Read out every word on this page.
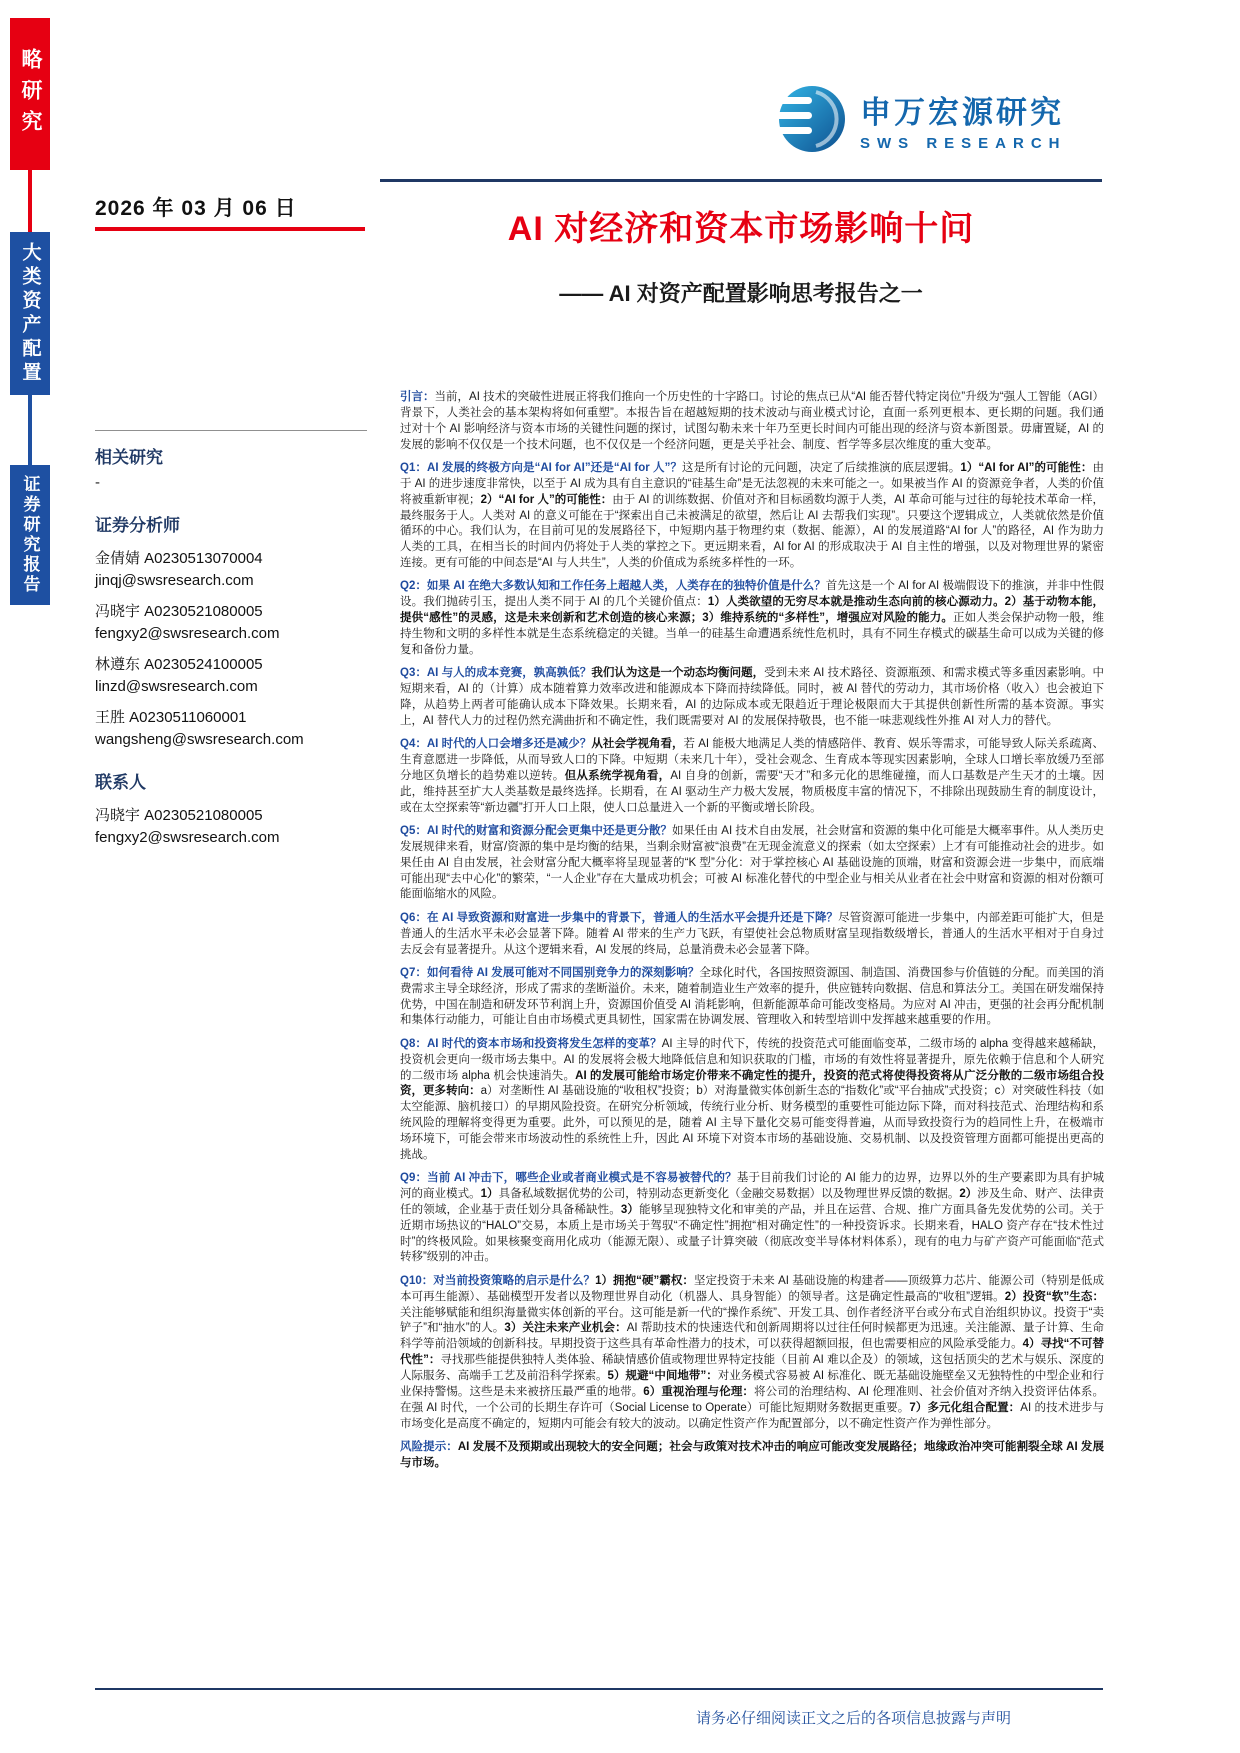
略研究
大类资产配置
证券研究报告
申万宏源研究
SWS RESEARCH
2026 年 03 月 06 日
AI 对经济和资本市场影响十问
—— AI 对资产配置影响思考报告之一
相关研究
-
证券分析师
金倩婧 A0230513070004
jinqj@swsresearch.com
冯晓宇 A0230521080005
fengxy2@swsresearch.com
林遵东 A0230524100005
linzd@swsresearch.com
王胜 A0230511060001
wangsheng@swsresearch.com
联系人
冯晓宇 A0230521080005
fengxy2@swsresearch.com

引言：当前，AI 技术的突破性进展正将我们推向一个历史性的十字路口。讨论的焦点已从“AI 能否替代特定岗位”升级为“强人工智能（AGI）背景下，人类社会的基本架构将如何重塑”。本报告旨在超越短期的技术波动与商业模式讨论，直面一系列更根本、更长期的问题。我们通过对十个 AI 影响经济与资本市场的关键性问题的探讨，试图勾勒未来十年乃至更长时间内可能出现的经济与资本新图景。毋庸置疑，AI 的发展的影响不仅仅是一个技术问题，也不仅仅是一个经济问题，更是关乎社会、制度、哲学等多层次维度的重大变革。

Q1：AI 发展的终极方向是“AI for AI”还是“AI for 人”？这是所有讨论的元问题，决定了后续推演的底层逻辑。1）“AI for AI”的可能性：由于 AI 的进步速度非常快，以至于 AI 成为具有自主意识的“硅基生命”是无法忽视的未来可能之一。如果被当作 AI 的资源竞争者，人类的价值将被重新审视；2）“AI for 人”的可能性：由于 AI 的训练数据、价值对齐和目标函数均源于人类，AI 革命可能与过往的每轮技术革命一样，最终服务于人。人类对 AI 的意义可能在于“探索出自己未被满足的欲望，然后让 AI 去帮我们实现”。只要这个逻辑成立，人类就依然是价值循环的中心。我们认为，在目前可见的发展路径下，中短期内基于物理约束（数据、能源），AI 的发展道路“AI for 人”的路径，AI 作为助力人类的工具，在相当长的时间内仍将处于人类的掌控之下。更远期来看，AI for AI 的形成取决于 AI 自主性的增强，以及对物理世界的紧密连接。更有可能的中间态是“AI 与人共生”，人类的价值成为系统多样性的一环。

Q2：如果 AI 在绝大多数认知和工作任务上超越人类，人类存在的独特价值是什么？首先这是一个 AI for AI 极端假设下的推演，并非中性假设。我们抛砖引玉，提出人类不同于 AI 的几个关键价值点：1）人类欲望的无穷尽本就是推动生态向前的核心源动力。2）基于动物本能，提供“感性”的灵感，这是未来创新和艺术创造的核心来源；3）维持系统的“多样性”，增强应对风险的能力。正如人类会保护动物一般，维持生物和文明的多样性本就是生态系统稳定的关键。当单一的硅基生命遭遇系统性危机时，具有不同生存模式的碳基生命可以成为关键的修复和备份力量。

Q3：AI 与人的成本竞赛，孰高孰低？我们认为这是一个动态均衡问题，受到未来 AI 技术路径、资源瓶颈、和需求模式等多重因素影响。中短期来看，AI 的（计算）成本随着算力效率改进和能源成本下降而持续降低。同时，被 AI 替代的劳动力，其市场价格（收入）也会被迫下降，从趋势上两者可能确认成本下降效果。长期来看，AI 的边际成本或无限趋近于理论极限而大于其提供创新性所需的基本资源。事实上，AI 替代人力的过程仍然充满曲折和不确定性，我们既需要对 AI 的发展保持敬畏，也不能一味悲观线性外推 AI 对人力的替代。

Q4：AI 时代的人口会增多还是减少？从社会学视角看，若 AI 能极大地满足人类的情感陪伴、教育、娱乐等需求，可能导致人际关系疏离、生育意愿进一步降低，从而导致人口的下降。中短期（未来几十年），受社会观念、生育成本等现实因素影响，全球人口增长率放缓乃至部分地区负增长的趋势难以逆转。但从系统学视角看，AI 自身的创新，需要“天才”和多元化的思维碰撞，而人口基数是产生天才的土壤。因此，维持甚至扩大人类基数是最终选择。长期看，在 AI 驱动生产力极大发展，物质极度丰富的情况下，不排除出现鼓励生育的制度设计，或在太空探索等“新边疆”打开人口上限，使人口总量进入一个新的平衡或增长阶段。

Q5：AI 时代的财富和资源分配会更集中还是更分散？如果任由 AI 技术自由发展，社会财富和资源的集中化可能是大概率事件。从人类历史发展规律来看，财富/资源的集中是均衡的结果，当剩余财富被“浪费”在无现金流意义的探索（如太空探索）上才有可能推动社会的进步。如果任由 AI 自由发展，社会财富分配大概率将呈现显著的“K 型”分化：对于掌控核心 AI 基础设施的顶端，财富和资源会进一步集中，而底端可能出现“去中心化”的繁荣，“一人企业”存在大量成功机会；可被 AI 标准化替代的中型企业与相关从业者在社会中财富和资源的相对份额可能面临缩水的风险。

Q6：在 AI 导致资源和财富进一步集中的背景下，普通人的生活水平会提升还是下降？尽管资源可能进一步集中，内部差距可能扩大，但是普通人的生活水平未必会显著下降。随着 AI 带来的生产力飞跃，有望使社会总物质财富呈现指数级增长，普通人的生活水平相对于自身过去反会有显著提升。从这个逻辑来看，AI 发展的终局，总量消费未必会显著下降。

Q7：如何看待 AI 发展可能对不同国别竞争力的深刻影响？全球化时代，各国按照资源国、制造国、消费国参与价值链的分配。而美国的消费需求主导全球经济，形成了需求的垄断溢价。未来，随着制造业生产效率的提升，供应链转向数据、信息和算法分工。美国在研发端保持优势，中国在制造和研发环节利润上升，资源国价值受 AI 消耗影响，但新能源革命可能改变格局。为应对 AI 冲击，更强的社会再分配机制和集体行动能力，可能让自由市场模式更具韧性，国家需在协调发展、管理收入和转型培训中发挥越来越重要的作用。

Q8：AI 时代的资本市场和投资将发生怎样的变革？AI 主导的时代下，传统的投资范式可能面临变革，二级市场的 alpha 变得越来越稀缺，投资机会更向一级市场去集中。AI 的发展将会极大地降低信息和知识获取的门槛，市场的有效性将显著提升，原先依赖于信息和个人研究的二级市场 alpha 机会快速消失。AI 的发展可能给市场定价带来不确定性的提升，投资的范式将使得投资将从广泛分散的二级市场组合投资，更多转向：a）对垄断性 AI 基础设施的“收租权”投资；b）对海量微实体创新生态的“指数化”或“平台抽成”式投资；c）对突破性科技（如太空能源、脑机接口）的早期风险投资。在研究分析领域，传统行业分析、财务模型的重要性可能边际下降，而对科技范式、治理结构和系统风险的理解将变得更为重要。此外，可以预见的是，随着 AI 主导下量化交易可能变得普遍，从而导致投资行为的趋同性上升，在极端市场环境下，可能会带来市场波动性的系统性上升，因此 AI 环境下对资本市场的基础设施、交易机制、以及投资管理方面都可能提出更高的挑战。

Q9：当前 AI 冲击下，哪些企业或者商业模式是不容易被替代的？基于目前我们讨论的 AI 能力的边界，边界以外的生产要素即为具有护城河的商业模式。1）具备私域数据优势的公司，特别动态更新变化（金融交易数据）以及物理世界反馈的数据。2）涉及生命、财产、法律责任的领域，企业基于责任划分具备稀缺性。3）能够呈现独特文化和审美的产品，并且在运营、合规、推广方面具备先发优势的公司。关于近期市场热议的“HALO”交易，本质上是市场关于驾驭“不确定性”拥抱“相对确定性”的一种投资诉求。长期来看，HALO 资产存在“技术性过时”的终极风险。如果核聚变商用化成功（能源无限）、或量子计算突破（彻底改变半导体材料体系），现有的电力与矿产资产可能面临“范式转移”级别的冲击。

Q10：对当前投资策略的启示是什么？1）拥抱“硬”霸权：坚定投资于未来 AI 基础设施的构建者——顶级算力芯片、能源公司（特别是低成本可再生能源）、基础模型开发者以及物理世界自动化（机器人、具身智能）的领导者。这是确定性最高的“收租”逻辑。2）投资“软”生态：关注能够赋能和组织海量微实体创新的平台。这可能是新一代的“操作系统”、开发工具、创作者经济平台或分布式自治组织协议。投资于“卖铲子”和“抽水”的人。3）关注未来产业机会：AI 帮助技术的快速迭代和创新周期将以过往任何时候都更为迅速。关注能源、量子计算、生命科学等前沿领域的创新科技。早期投资于这些具有革命性潜力的技术，可以获得超额回报，但也需要相应的风险承受能力。4）寻找“不可替代性”：寻找那些能提供独特人类体验、稀缺情感价值或物理世界特定技能（目前 AI 难以企及）的领域，这包括顶尖的艺术与娱乐、深度的人际服务、高端手工艺及前沿科学探索。5）规避“中间地带”：对业务模式容易被 AI 标准化、既无基础设施壁垒又无独特性的中型企业和行业保持警惕。这些是未来被挤压最严重的地带。6）重视治理与伦理：将公司的治理结构、AI 伦理准则、社会价值对齐纳入投资评估体系。在强 AI 时代，一个公司的长期生存许可（Social License to Operate）可能比短期财务数据更重要。7）多元化组合配置：AI 的技术进步与市场变化是高度不确定的，短期内可能会有较大的波动。以确定性资产作为配置部分，以不确定性资产作为弹性部分。

风险提示：AI 发展不及预期或出现较大的安全问题；社会与政策对技术冲击的响应可能改变发展路径；地缘政治冲突可能割裂全球 AI 发展与市场。

请务必仔细阅读正文之后的各项信息披露与声明
